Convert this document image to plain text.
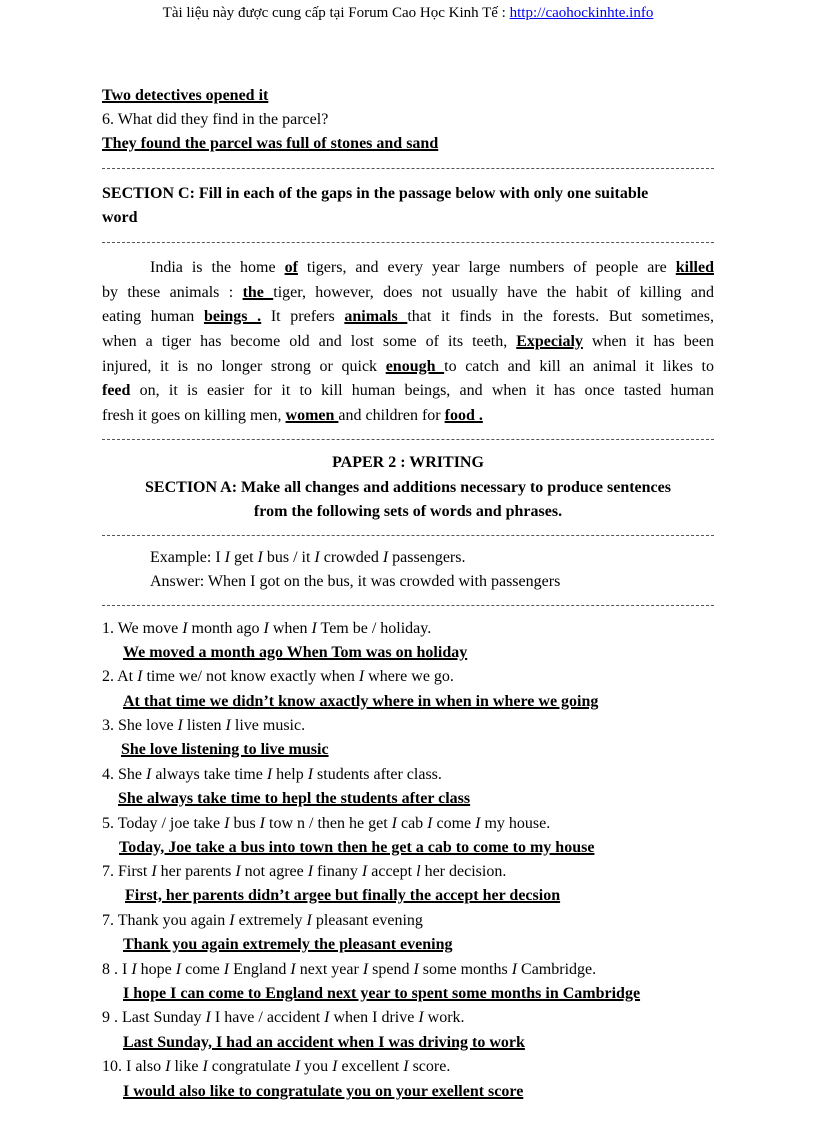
Tài liệu này được cung cấp tại Forum Cao Học Kinh Tế : http://caohockinhte.info
Two detectives opened it
6. What did they find in the parcel?
They found the parcel was full of stones and sand
SECTION C: Fill in each of the gaps in the passage below with only one suitable
word
India is the home of tigers, and every year large numbers of people are killed
by these animals : the tiger, however, does not usually have the habit of killing and
eating human beings . It prefers animals that it finds in the forests. But sometimes,
when a tiger has become old and lost some of its teeth, Expecialy when it has been
injured, it is no longer strong or quick enough to catch and kill an animal it likes to
feed on, it is easier for it to kill human beings, and when it has once tasted human
fresh it goes on killing men, women and children for food .
PAPER 2 : WRITING
SECTION A: Make all changes and additions necessary to produce sentences
from the following sets of words and phrases.
Example: I I get I bus / it I crowded I passengers.
Answer: When I got on the bus, it was crowded with passengers
1. We move I month ago I when I Tem be / holiday.
We moved a month ago When Tom was on holiday
2. At I time we/ not know exactly when I where we go.
At that time we didn’t know axactly where in when in where we going
3. She love I listen I live music.
She love listening to live music
4. She I always take time I help I students after class.
She always take time to hepl the students after class
5. Today / joe take I bus I tow n / then he get I cab I come I my house.
Today, Joe take a bus into town then he get a cab to come to my house
7. First I her parents I not agree I finany I accept l her decision.
First, her parents didn’t argee but finally the accept her decsion
7. Thank you again I extremely I pleasant evening
Thank you again extremely the pleasant evening
8 . I I hope I come I England I next year I spend I some months I Cambridge.
I hope I can come to England next year to spent some months in Cambridge
9 . Last Sunday I I have / accident I when I drive I work.
Last Sunday, I had an accident when I was driving to work
10. I also I like I congratulate I you I excellent I score.
I would also like to congratulate you on your exellent score
